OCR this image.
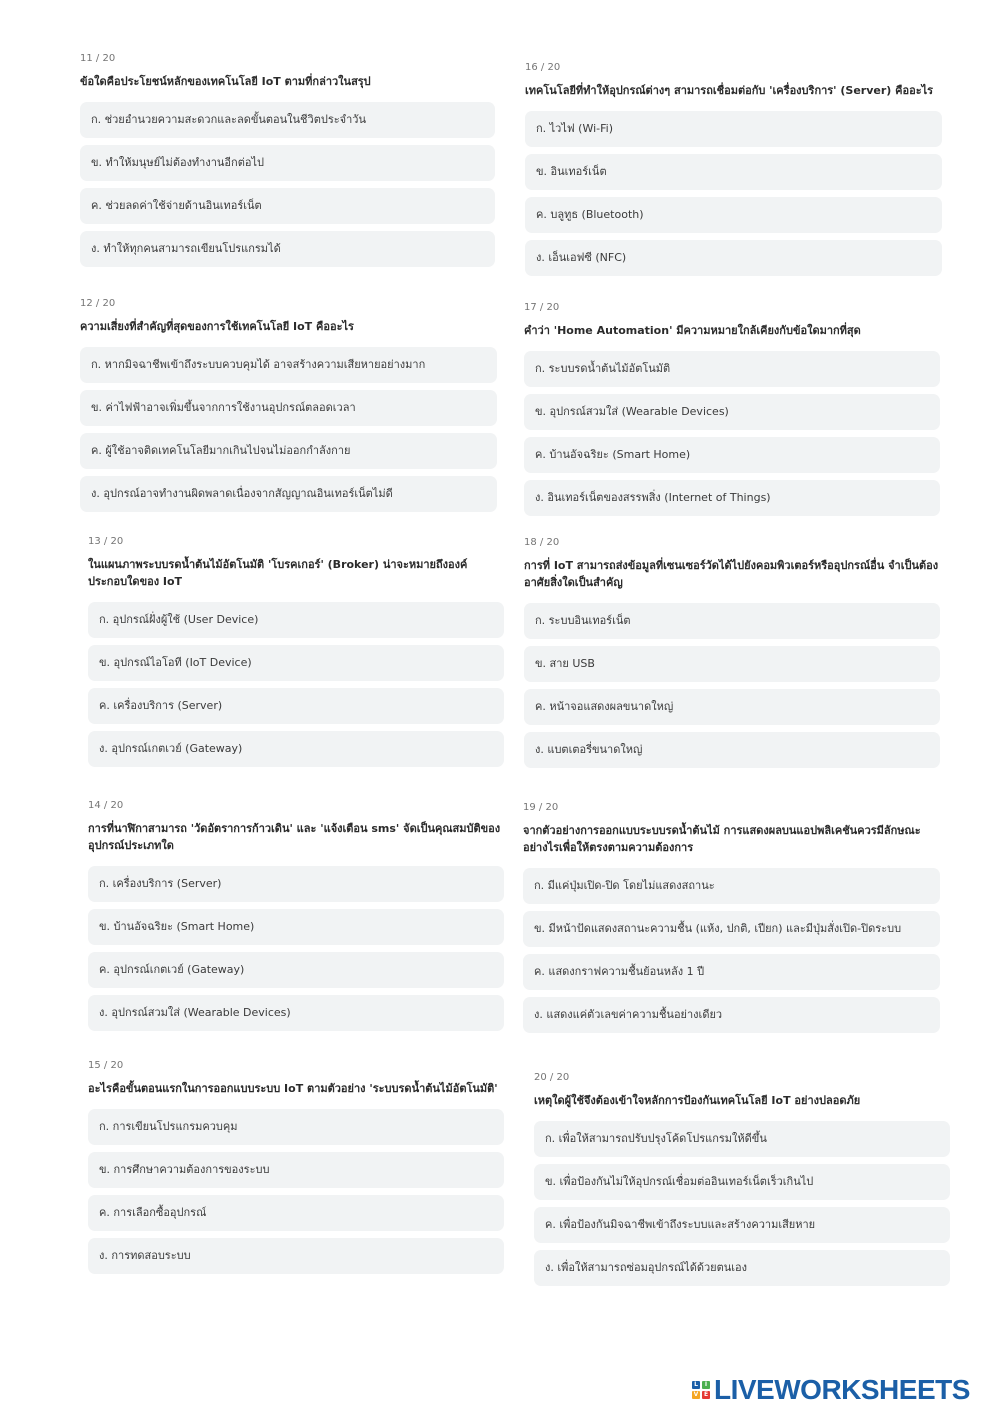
11 / 20
ข้อใดคือประโยชน์หลักของเทคโนโลยี IoT ตามที่กล่าวในสรุป
ก. ช่วยอำนวยความสะดวกและลดขั้นตอนในชีวิตประจำวัน
ข. ทำให้มนุษย์ไม่ต้องทำงานอีกต่อไป
ค. ช่วยลดค่าใช้จ่ายด้านอินเทอร์เน็ต
ง. ทำให้ทุกคนสามารถเขียนโปรแกรมได้
12 / 20
ความเสี่ยงที่สำคัญที่สุดของการใช้เทคโนโลยี IoT คืออะไร
ก. หากมิจฉาชีพเข้าถึงระบบควบคุมได้ อาจสร้างความเสียหายอย่างมาก
ข. ค่าไฟฟ้าอาจเพิ่มขึ้นจากการใช้งานอุปกรณ์ตลอดเวลา
ค. ผู้ใช้อาจติดเทคโนโลยีมากเกินไปจนไม่ออกกำลังกาย
ง. อุปกรณ์อาจทำงานผิดพลาดเนื่องจากสัญญาณอินเทอร์เน็ตไม่ดี
13 / 20
ในแผนภาพระบบรดน้ำต้นไม้อัตโนมัติ 'โบรคเกอร์' (Broker) น่าจะหมายถึงองค์ประกอบใดของ IoT
ก. อุปกรณ์ฝั่งผู้ใช้ (User Device)
ข. อุปกรณ์ไอโอที (IoT Device)
ค. เครื่องบริการ (Server)
ง. อุปกรณ์เกตเวย์ (Gateway)
14 / 20
การที่นาฬิกาสามารถ 'วัดอัตราการก้าวเดิน' และ 'แจ้งเตือน sms' จัดเป็นคุณสมบัติของอุปกรณ์ประเภทใด
ก. เครื่องบริการ (Server)
ข. บ้านอัจฉริยะ (Smart Home)
ค. อุปกรณ์เกตเวย์ (Gateway)
ง. อุปกรณ์สวมใส่ (Wearable Devices)
15 / 20
อะไรคือขั้นตอนแรกในการออกแบบระบบ IoT ตามตัวอย่าง 'ระบบรดน้ำต้นไม้อัตโนมัติ'
ก. การเขียนโปรแกรมควบคุม
ข. การศึกษาความต้องการของระบบ
ค. การเลือกซื้ออุปกรณ์
ง. การทดสอบระบบ
16 / 20
เทคโนโลยีที่ทำให้อุปกรณ์ต่างๆ สามารถเชื่อมต่อกับ 'เครื่องบริการ' (Server) คืออะไร
ก. ไวไฟ (Wi-Fi)
ข. อินเทอร์เน็ต
ค. บลูทูธ (Bluetooth)
ง. เอ็นเอฟซี (NFC)
17 / 20
คำว่า 'Home Automation' มีความหมายใกล้เคียงกับข้อใดมากที่สุด
ก. ระบบรดน้ำต้นไม้อัตโนมัติ
ข. อุปกรณ์สวมใส่ (Wearable Devices)
ค. บ้านอัจฉริยะ (Smart Home)
ง. อินเทอร์เน็ตของสรรพสิ่ง (Internet of Things)
18 / 20
การที่ IoT สามารถส่งข้อมูลที่เซนเซอร์วัดได้ไปยังคอมพิวเตอร์หรืออุปกรณ์อื่น จำเป็นต้องอาศัยสิ่งใดเป็นสำคัญ
ก. ระบบอินเทอร์เน็ต
ข. สาย USB
ค. หน้าจอแสดงผลขนาดใหญ่
ง. แบตเตอรี่ขนาดใหญ่
19 / 20
จากตัวอย่างการออกแบบระบบรดน้ำต้นไม้ การแสดงผลบนแอปพลิเคชันควรมีลักษณะอย่างไรเพื่อให้ตรงตามความต้องการ
ก. มีแค่ปุ่มเปิด-ปิด โดยไม่แสดงสถานะ
ข. มีหน้าปัดแสดงสถานะความชื้น (แห้ง, ปกติ, เปียก) และมีปุ่มสั่งเปิด-ปิดระบบ
ค. แสดงกราฟความชื้นย้อนหลัง 1 ปี
ง. แสดงแค่ตัวเลขค่าความชื้นอย่างเดียว
20 / 20
เหตุใดผู้ใช้จึงต้องเข้าใจหลักการป้องกันเทคโนโลยี IoT อย่างปลอดภัย
ก. เพื่อให้สามารถปรับปรุงโค้ดโปรแกรมให้ดีขึ้น
ข. เพื่อป้องกันไม่ให้อุปกรณ์เชื่อมต่ออินเทอร์เน็ตเร็วเกินไป
ค. เพื่อป้องกันมิจฉาชีพเข้าถึงระบบและสร้างความเสียหาย
ง. เพื่อให้สามารถซ่อมอุปกรณ์ได้ด้วยตนเอง
L	I
V E LIVEWORKSHEETS
